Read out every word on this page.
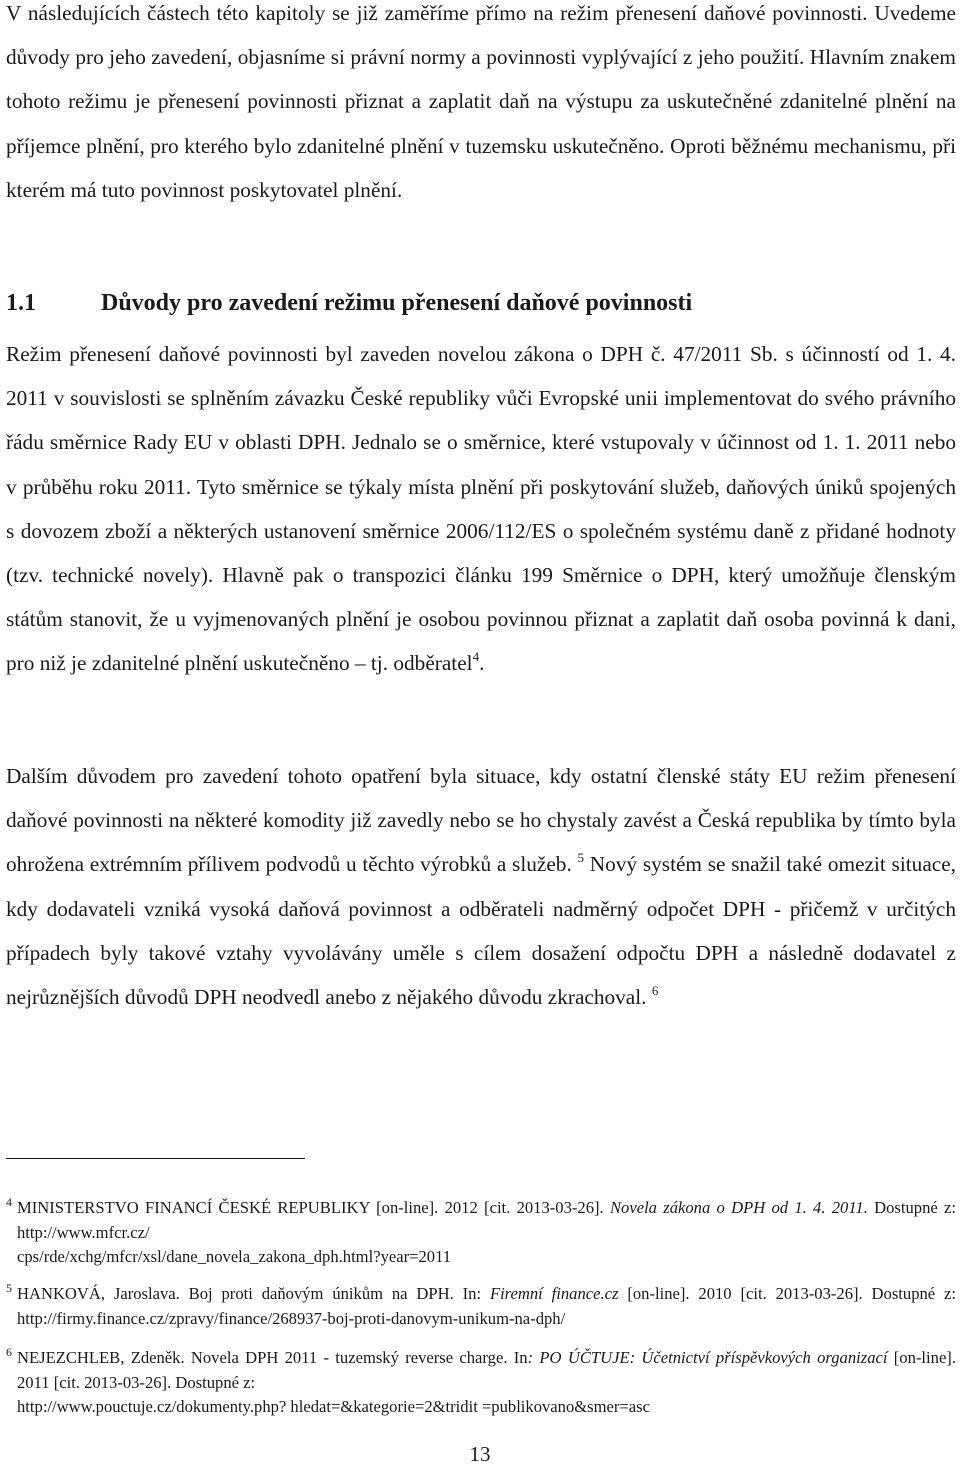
V následujících částech této kapitoly se již zaměříme přímo na režim přenesení daňové povinnosti. Uvedeme důvody pro jeho zavedení, objasníme si právní normy a povinnosti vyplývající z jeho použití. Hlavním znakem tohoto režimu je přenesení povinnosti přiznat a zaplatit daň na výstupu za uskutečněné zdanitelné plnění na příjemce plnění, pro kterého bylo zdanitelné plnění v tuzemsku uskutečněno. Oproti běžnému mechanismu, při kterém má tuto povinnost poskytovatel plnění.

1.1	Důvody pro zavedení režimu přenesení daňové povinnosti

Režim přenesení daňové povinnosti byl zaveden novelou zákona o DPH č. 47/2011 Sb. s účinností od 1. 4. 2011 v souvislosti se splněním závazku České republiky vůči Evropské unii implementovat do svého právního řádu směrnice Rady EU v oblasti DPH. Jednalo se o směrnice, které vstupovaly v účinnost od 1. 1. 2011 nebo v průběhu roku 2011. Tyto směrnice se týkaly místa plnění při poskytování služeb, daňových úniků spojených s dovozem zboží a některých ustanovení směrnice 2006/112/ES o společném systému daně z přidané hodnoty (tzv. technické novely). Hlavně pak o transpozici článku 199 Směrnice o DPH, který umožňuje členským státům stanovit, že u vyjmenovaných plnění je osobou povinnou přiznat a zaplatit daň osoba povinná k dani, pro niž je zdanitelné plnění uskutečněno – tj. odběratel$^4$.

Dalším důvodem pro zavedení tohoto opatření byla situace, kdy ostatní členské státy EU režim přenesení daňové povinnosti na některé komodity již zavedly nebo se ho chystaly zavést a Česká republika by tímto byla ohrožena extrémním přílivem podvodů u těchto výrobků a služeb. $^5$ Nový systém se snažil také omezit situace, kdy dodavateli vzniká vysoká daňová povinnost a odběrateli nadměrný odpočet DPH - přičemž v určitých případech byly takové vztahy vyvolávány uměle s cílem dosažení odpočtu DPH a následně dodavatel z nejrůznějších důvodů DPH neodvedl anebo z nějakého důvodu zkrachoval. $^6$

4 MINISTERSTVO FINANCÍ ČESKÉ REPUBLIKY [on-line]. 2012 [cit. 2013-03-26]. Novela zákona o DPH od 1. 4. 2011. Dostupné z: http://www.mfcr.cz/
cps/rde/xchg/mfcr/xsl/dane_novela_zakona_dph.html?year=2011
5 HANKOVÁ, Jaroslava. Boj proti daňovým únikům na DPH. In: Firemní finance.cz [on-line]. 2010 [cit. 2013-03-26]. Dostupné z: http://firmy.finance.cz/zpravy/finance/268937-boj-proti-danovym-unikum-na-dph/
6 NEJEZCHLEB, Zdeněk. Novela DPH 2011 - tuzemský reverse charge. In: PO ÚČTUJE: Účetnictví příspěvkových organizací [on-line]. 2011 [cit. 2013-03-26]. Dostupné z:
http://www.pouctuje.cz/dokumenty.php? hledat=&kategorie=2&tridit =publikovano&smer=asc
13
